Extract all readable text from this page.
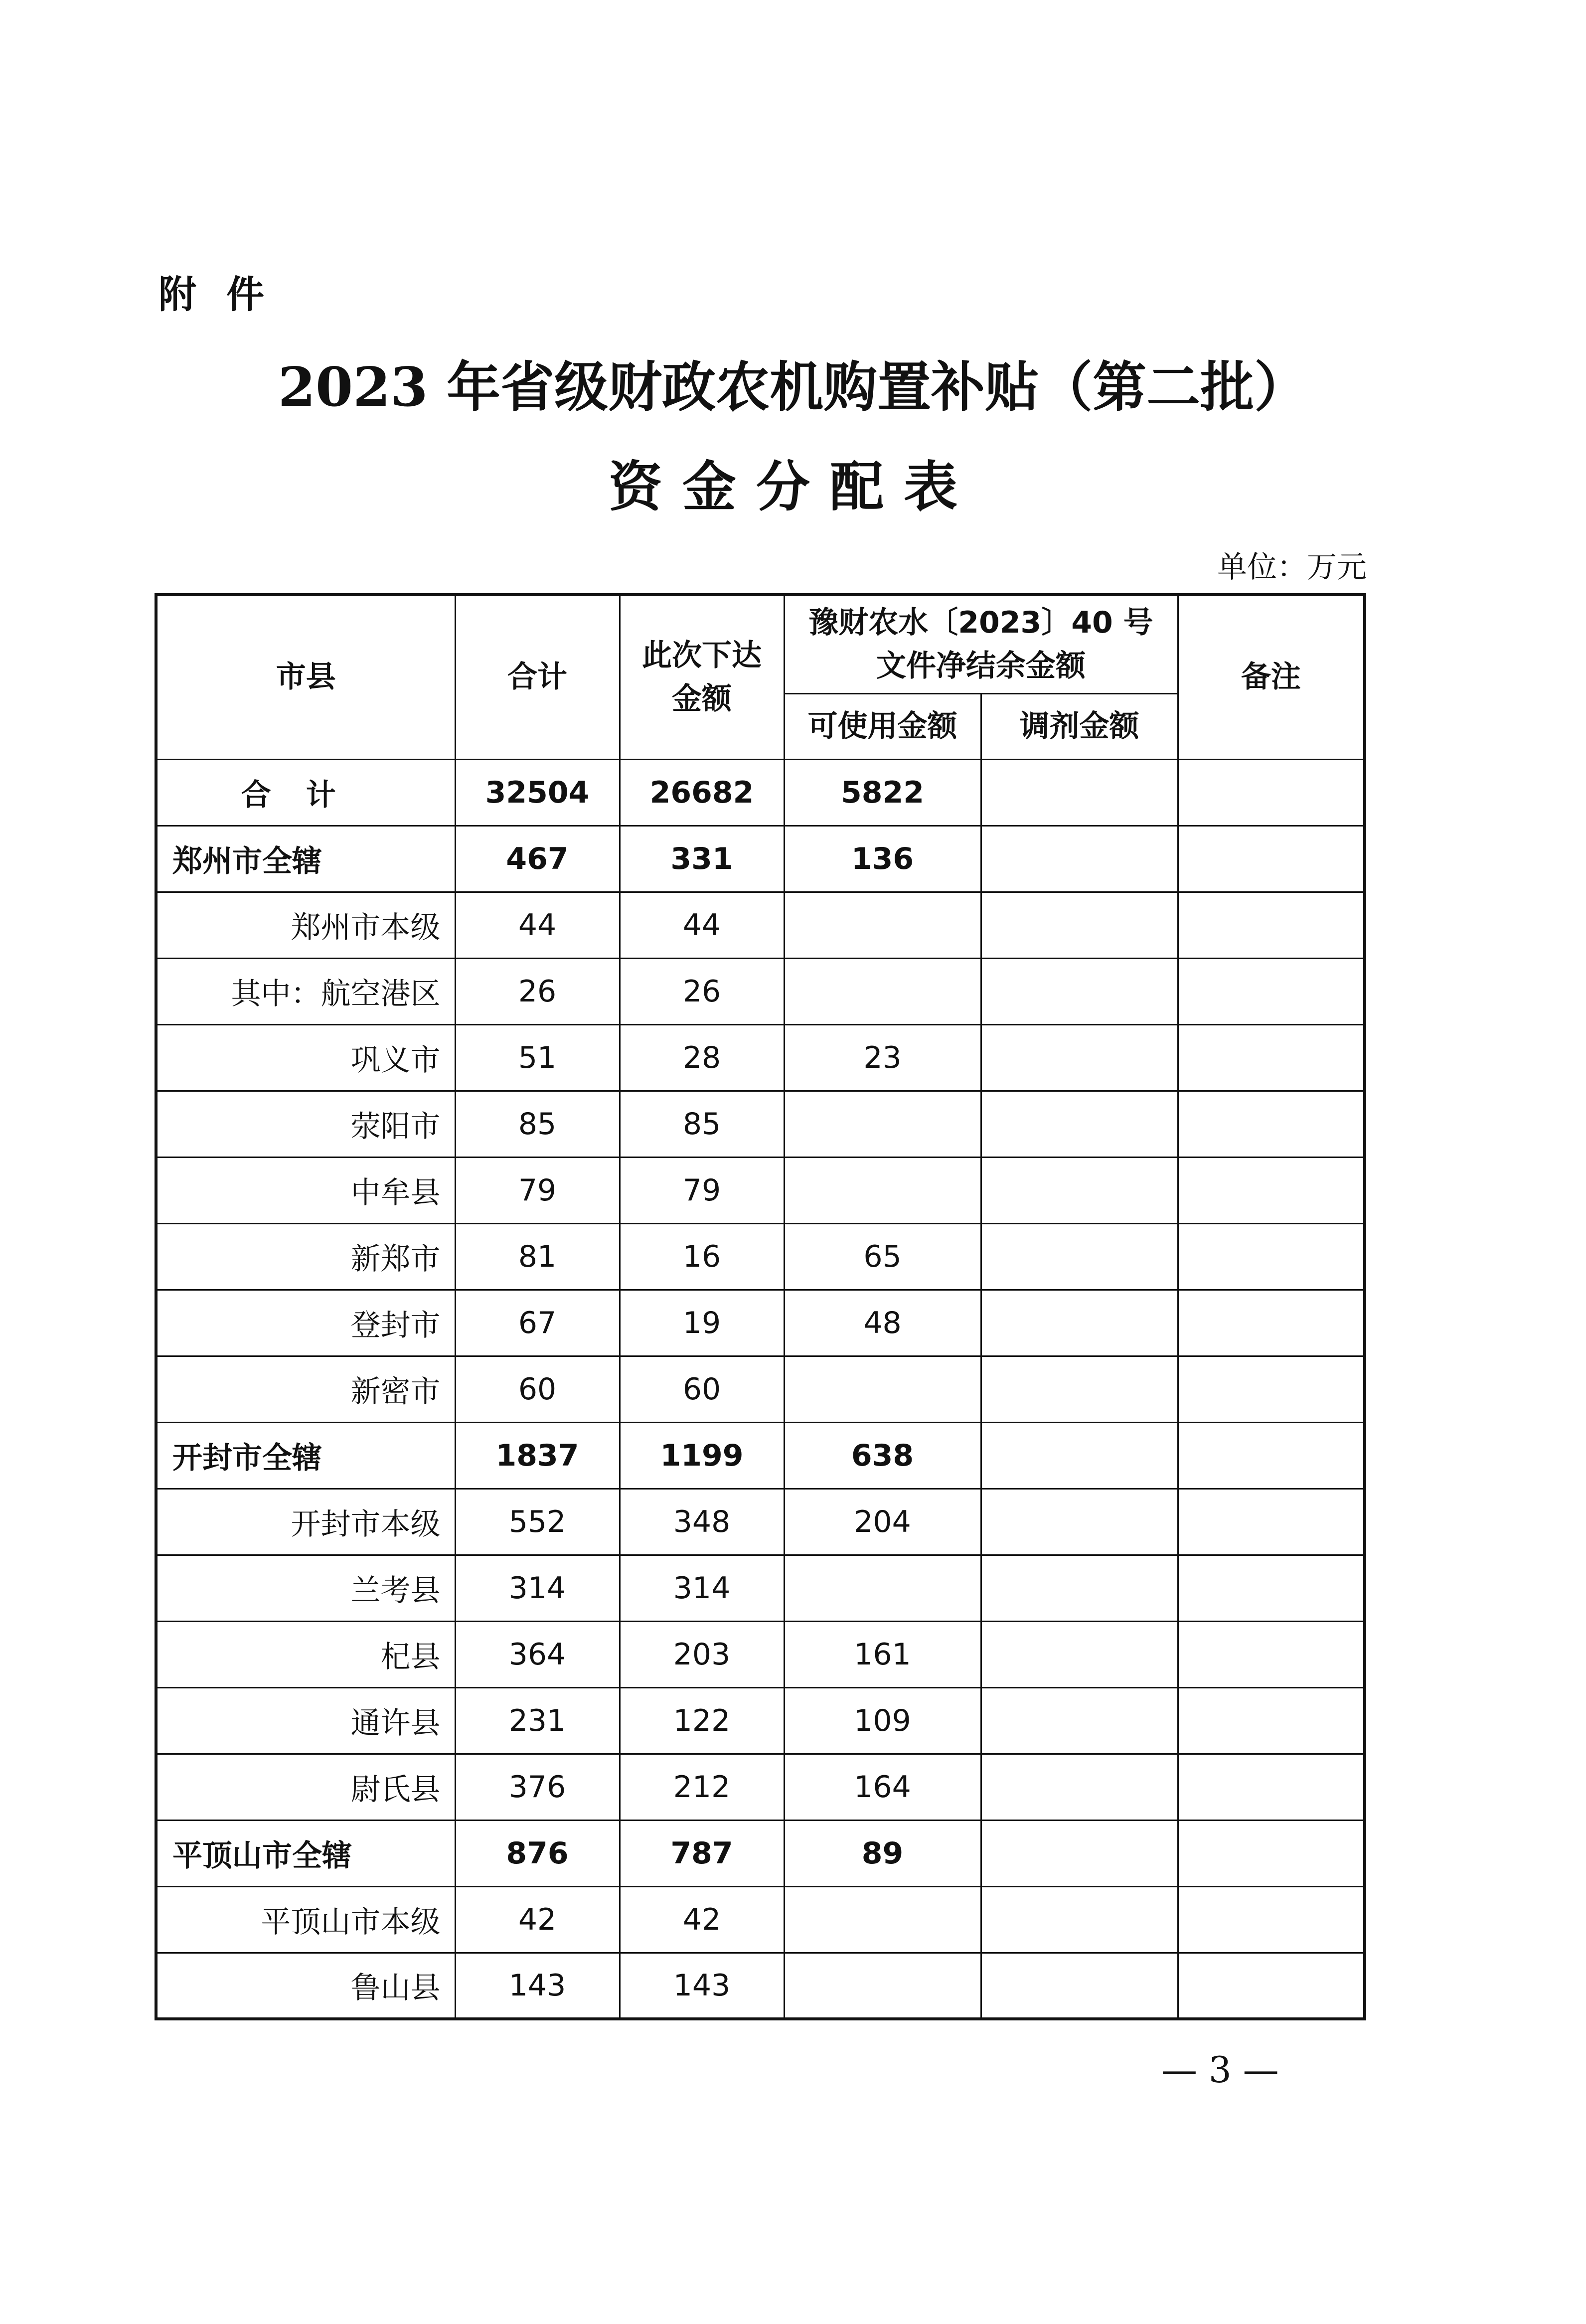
附件
2023 年省级财政农机购置补贴（第二批）
资金分配表
单位：万元
市县	合计	此次下达金额	豫财农水〔2023〕40 号文件净结余金额		备注
			可使用金额	调剂金额	
合计	32504	26682	5822		
郑州市全辖	467	331	136		
郑州市本级	44	44			
其中：航空港区	26	26			
巩义市	51	28	23		
荥阳市	85	85			
中牟县	79	79			
新郑市	81	16	65		
登封市	67	19	48		
新密市	60	60			
开封市全辖	1837	1199	638		
开封市本级	552	348	204		
兰考县	314	314			
杞县	364	203	161		
通许县	231	122	109		
尉氏县	376	212	164		
平顶山市全辖	876	787	89		
平顶山市本级	42	42			
鲁山县	143	143			
— 3 —
